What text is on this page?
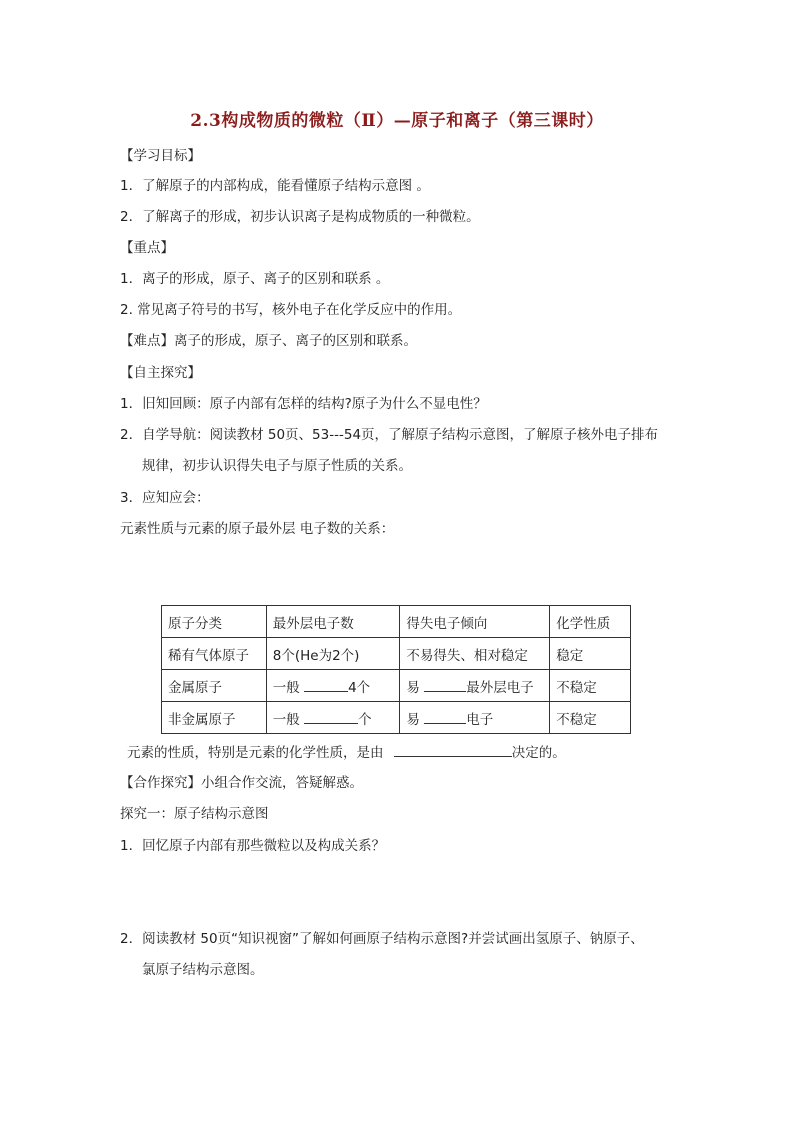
2.3构成物质的微粒（Ⅱ）—原子和离子（第三课时）
【学习目标】
1．了解原子的内部构成，能看懂原子结构示意图 。
2．了解离子的形成，初步认识离子是构成物质的一种微粒。
【重点】
1．离子的形成，原子、离子的区别和联系 。
2. 常见离子符号的书写，核外电子在化学反应中的作用。
【难点】离子的形成，原子、离子的区别和联系。
【自主探究】
1．旧知回顾：原子内部有怎样的结构?原子为什么不显电性？
2．自学导航：阅读教材 50页、53---54页，了解原子结构示意图，了解原子核外电子排布
规律，初步认识得失电子与原子性质的关系。
3．应知应会：
元素性质与元素的原子最外层 电子数的关系：
原子分类	最外层电子数	得失电子倾向	化学性质
稀有气体原子	8个(He为2个)	不易得失、相对稳定	稳定
金属原子	一般 4个	易 最外层电子	不稳定
非金属原子	一般 个	易 电子	不稳定
元素的性质，特别是元素的化学性质，是由	决定的。
【合作探究】小组合作交流，答疑解惑。
探究一：原子结构示意图
1．回忆原子内部有那些微粒以及构成关系？
2．阅读教材 50页“知识视窗”了解如何画原子结构示意图?并尝试画出氢原子、钠原子、
氯原子结构示意图。
